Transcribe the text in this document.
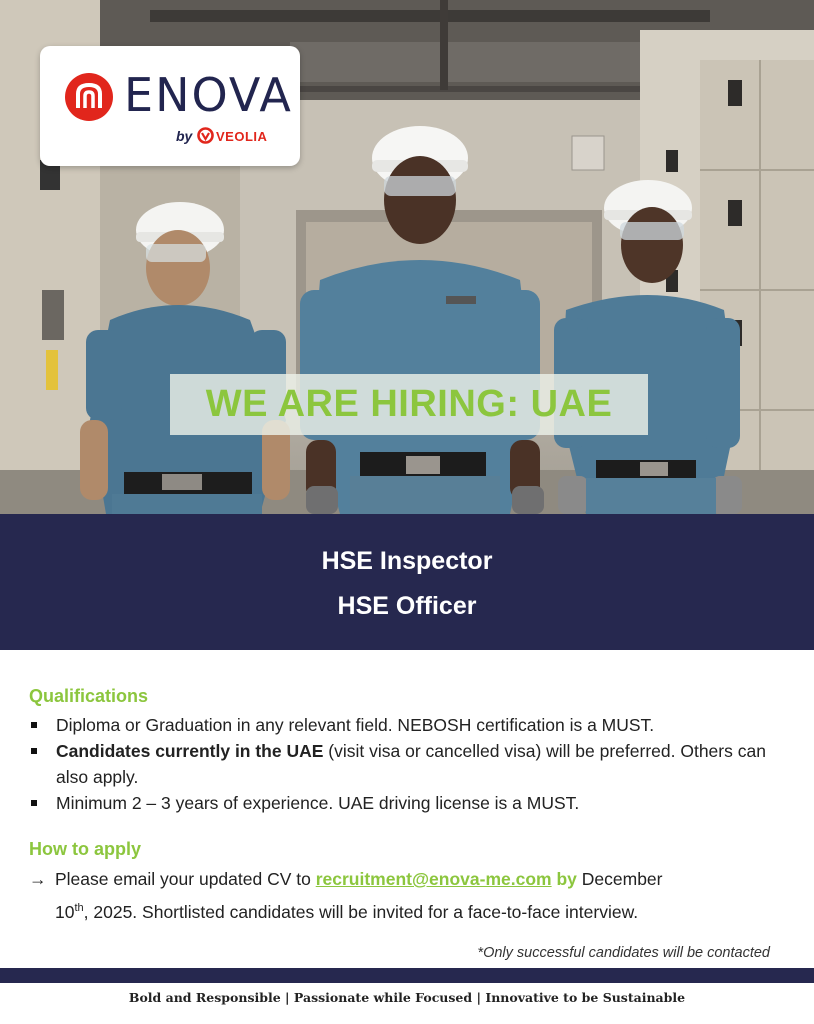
ENOVA
by VEOLIA
WE ARE HIRING: UAE
HSE Inspector
HSE Officer
Qualifications
Diploma or Graduation in any relevant field. NEBOSH certification is a MUST.
Candidates currently in the UAE (visit visa or cancelled visa) will be preferred. Others can also apply.
Minimum 2 – 3 years of experience. UAE driving license is a MUST.
How to apply
→ Please email your updated CV to recruitment@enova-me.com by December
10th, 2025. Shortlisted candidates will be invited for a face-to-face interview.
*Only successful candidates will be contacted
Bold and Responsible | Passionate while Focused | Innovative to be Sustainable
